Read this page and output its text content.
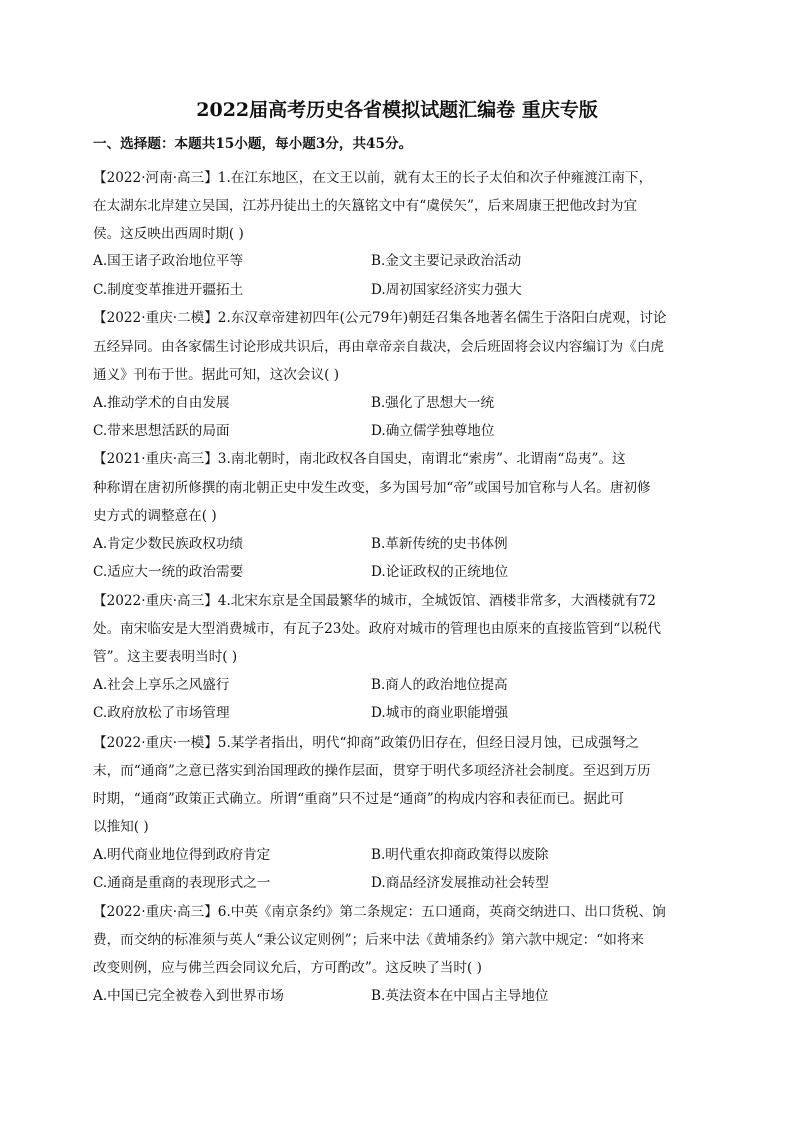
2022届高考历史各省模拟试题汇编卷 重庆专版
一、选择题：本题共15小题，每小题3分，共45分。
【2022·河南·高三】1.在江东地区，在文王以前，就有太王的长子太伯和次子仲雍渡江南下，
在太湖东北岸建立吴国，江苏丹徒出土的矢簋铭文中有“虞侯矢”，后来周康王把他改封为宜
侯。这反映出西周时期( )
A.国王诸子政治地位平等	B.金文主要记录政治活动
C.制度变革推进开疆拓土	D.周初国家经济实力强大
【2022·重庆·二模】2.东汉章帝建初四年(公元79年)朝廷召集各地著名儒生于洛阳白虎观，讨论
五经异同。由各家儒生讨论形成共识后，再由章帝亲自裁决，会后班固将会议内容编订为《白虎
通义》刊布于世。据此可知，这次会议( )
A.推动学术的自由发展	B.强化了思想大一统
C.带来思想活跃的局面	D.确立儒学独尊地位
【2021·重庆·高三】3.南北朝时，南北政权各自国史，南谓北“索虏”、北谓南“岛夷”。这
种称谓在唐初所修撰的南北朝正史中发生改变，多为国号加“帝”或国号加官称与人名。唐初修
史方式的调整意在( )
A.肯定少数民族政权功绩	B.革新传统的史书体例
C.适应大一统的政治需要	D.论证政权的正统地位
【2022·重庆·高三】4.北宋东京是全国最繁华的城市，全城饭馆、酒楼非常多，大酒楼就有72
处。南宋临安是大型消费城市，有瓦子23处。政府对城市的管理也由原来的直接监管到“以税代
管”。这主要表明当时( )
A.社会上享乐之风盛行	B.商人的政治地位提高
C.政府放松了市场管理	D.城市的商业职能增强
【2022·重庆·一模】5.某学者指出，明代“抑商”政策仍旧存在，但经日浸月蚀，已成强弩之
末，而“通商”之意已落实到治国理政的操作层面，贯穿于明代多项经济社会制度。至迟到万历
时期，“通商”政策正式确立。所谓“重商”只不过是“通商”的构成内容和表征而已。据此可
以推知( )
A.明代商业地位得到政府肯定	B.明代重农抑商政策得以废除
C.通商是重商的表现形式之一	D.商品经济发展推动社会转型
【2022·重庆·高三】6.中英《南京条约》第二条规定：五口通商，英商交纳进口、出口货税、饷
费，而交纳的标准须与英人“秉公议定则例”；后来中法《黄埔条约》第六款中规定：“如将来
改变则例，应与佛兰西会同议允后，方可酌改”。这反映了当时( )
A.中国已完全被卷入到世界市场	B.英法资本在中国占主导地位
